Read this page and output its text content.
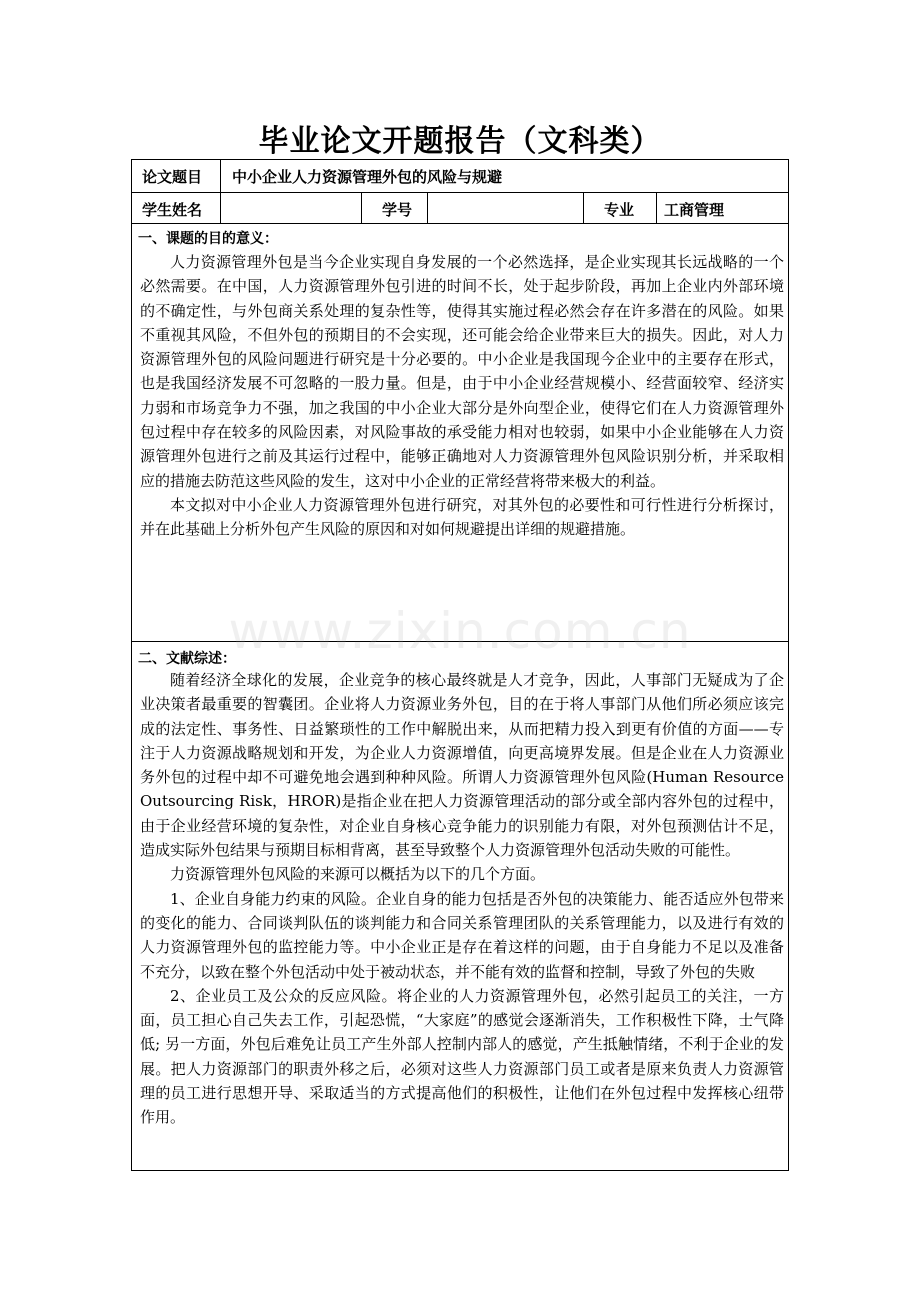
毕业论文开题报告（文科类）
论文题目 中小企业人力资源管理外包的风险与规避
学生姓名	学号	专业 工商管理
一、课题的目的意义：

人力资源管理外包是当今企业实现自身发展的一个必然选择，是企业实现其长远战略的一个必然需要。在中国，人力资源管理外包引进的时间不长，处于起步阶段，再加上企业内外部环境的不确定性，与外包商关系处理的复杂性等，使得其实施过程必然会存在许多潜在的风险。如果不重视其风险，不但外包的预期目的不会实现，还可能会给企业带来巨大的损失。因此，对人力资源管理外包的风险问题进行研究是十分必要的。中小企业是我国现今企业中的主要存在形式，也是我国经济发展不可忽略的一股力量。但是，由于中小企业经营规模小、经营面较窄、经济实力弱和市场竞争力不强，加之我国的中小企业大部分是外向型企业，使得它们在人力资源管理外包过程中存在较多的风险因素，对风险事故的承受能力相对也较弱，如果中小企业能够在人力资源管理外包进行之前及其运行过程中，能够正确地对人力资源管理外包风险识别分析，并采取相应的措施去防范这些风险的发生，这对中小企业的正常经营将带来极大的利益。

本文拟对中小企业人力资源管理外包进行研究，对其外包的必要性和可行性进行分析探讨，并在此基础上分析外包产生风险的原因和对如何规避提出详细的规避措施。

二、文献综述：

随着经济全球化的发展，企业竞争的核心最终就是人才竞争，因此，人事部门无疑成为了企业决策者最重要的智囊团。企业将人力资源业务外包，目的在于将人事部门从他们所必须应该完成的法定性、事务性、日益繁琐性的工作中解脱出来，从而把精力投入到更有价值的方面——专注于人力资源战略规划和开发，为企业人力资源增值，向更高境界发展。但是企业在人力资源业务外包的过程中却不可避免地会遇到种种风险。所谓人力资源管理外包风险(Human Resource Outsourcing Risk，HROR)是指企业在把人力资源管理活动的部分或全部内容外包的过程中，由于企业经营环境的复杂性，对企业自身核心竞争能力的识别能力有限，对外包预测估计不足，造成实际外包结果与预期目标相背离，甚至导致整个人力资源管理外包活动失败的可能性。

力资源管理外包风险的来源可以概括为以下的几个方面。

1、企业自身能力约束的风险。企业自身的能力包括是否外包的决策能力、能否适应外包带来的变化的能力、合同谈判队伍的谈判能力和合同关系管理团队的关系管理能力，以及进行有效的人力资源管理外包的监控能力等。中小企业正是存在着这样的问题，由于自身能力不足以及准备不充分，以致在整个外包活动中处于被动状态，并不能有效的监督和控制，导致了外包的失败

2、企业员工及公众的反应风险。将企业的人力资源管理外包，必然引起员工的关注，一方面，员工担心自己失去工作，引起恐慌，“大家庭”的感觉会逐渐消失，工作积极性下降，士气降低; 另一方面，外包后难免让员工产生外部人控制内部人的感觉，产生抵触情绪，不利于企业的发展。把人力资源部门的职责外移之后，必须对这些人力资源部门员工或者是原来负责人力资源管理的员工进行思想开导、采取适当的方式提高他们的积极性，让他们在外包过程中发挥核心纽带作用。

www.zixin.com.cn
